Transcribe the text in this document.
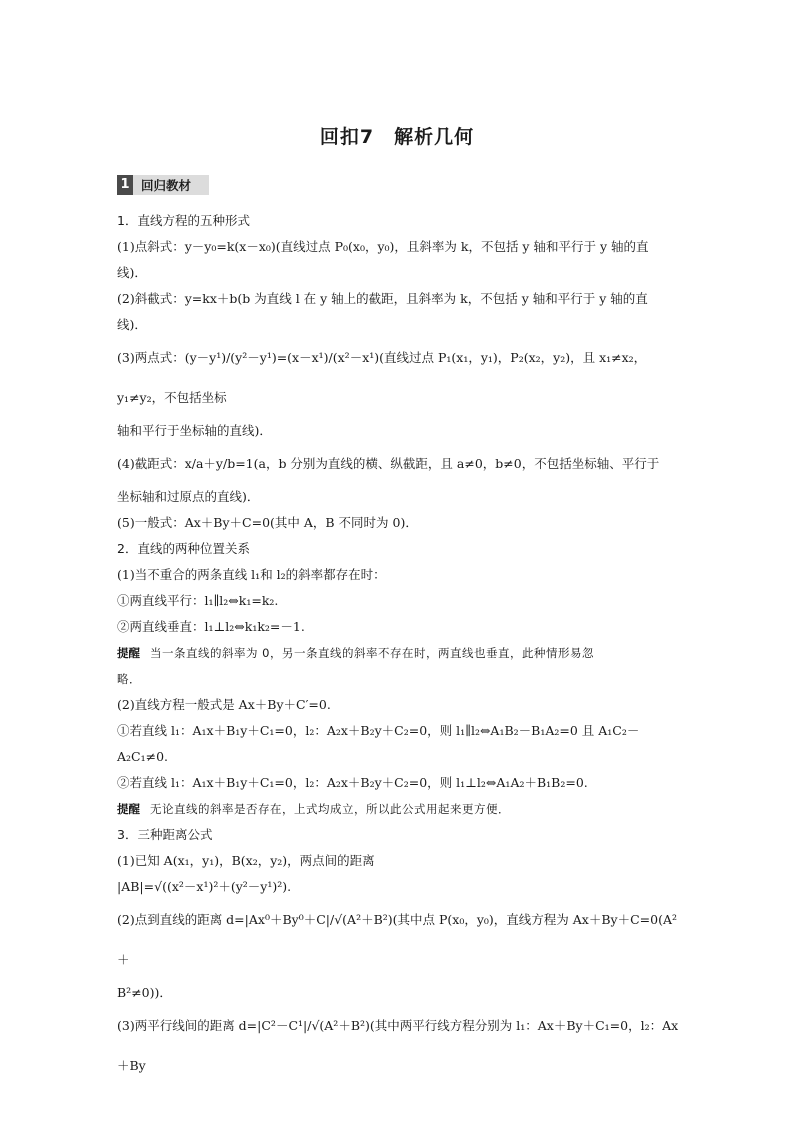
回扣7　解析几何
1 回归教材

1．直线方程的五种形式

(1)点斜式：y－y₀=k(x－x₀)(直线过点 P₀(x₀，y₀)，且斜率为 k，不包括 y 轴和平行于 y 轴的直

线)．

(2)斜截式：y=kx＋b(b 为直线 l 在 y 轴上的截距，且斜率为 k，不包括 y 轴和平行于 y 轴的直

线)．

(3)两点式：(y－y¹)/(y²－y¹)=(x－x¹)/(x²－x¹)(直线过点 P₁(x₁，y₁)，P₂(x₂，y₂)，且 x₁≠x₂，y₁≠y₂，不包括坐标

轴和平行于坐标轴的直线)．

(4)截距式：x/a＋y/b=1(a，b 分别为直线的横、纵截距，且 a≠0，b≠0，不包括坐标轴、平行于

坐标轴和过原点的直线)．

(5)一般式：Ax＋By＋C=0(其中 A，B 不同时为 0)．

2．直线的两种位置关系

(1)当不重合的两条直线 l₁和 l₂的斜率都存在时：

①两直线平行：l₁∥l₂⇔k₁=k₂.

②两直线垂直：l₁⊥l₂⇔k₁k₂=－1.

提醒 当一条直线的斜率为 0，另一条直线的斜率不存在时，两直线也垂直，此种情形易忽

略．

(2)直线方程一般式是 Ax＋By＋C′=0.

①若直线 l₁：A₁x＋B₁y＋C₁=0，l₂：A₂x＋B₂y＋C₂=0，则 l₁∥l₂⇔A₁B₂－B₁A₂=0 且 A₁C₂－

A₂C₁≠0.

②若直线 l₁：A₁x＋B₁y＋C₁=0，l₂：A₂x＋B₂y＋C₂=0，则 l₁⊥l₂⇔A₁A₂＋B₁B₂=0.

提醒 无论直线的斜率是否存在，上式均成立，所以此公式用起来更方便．

3．三种距离公式

(1)已知 A(x₁，y₁)，B(x₂，y₂)，两点间的距离

|AB|=√((x²－x¹)²＋(y²－y¹)²).

(2)点到直线的距离 d=|Ax⁰＋By⁰＋C|/√(A²＋B²)(其中点 P(x₀，y₀)，直线方程为 Ax＋By＋C=0(A²＋

B²≠0))．

(3)两平行线间的距离 d=|C²－C¹|/√(A²＋B²)(其中两平行线方程分别为 l₁：Ax＋By＋C₁=0，l₂：Ax＋By
